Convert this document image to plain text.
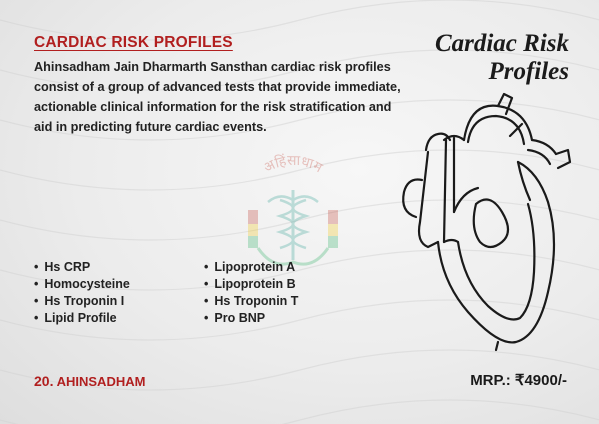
CARDIAC RISK PROFILES
Ahinsadham Jain Dharmarth Sansthan cardiac risk profiles consist of a group of advanced tests that provide immediate, actionable clinical information for the risk stratification and aid in predicting future cardiac events.
Cardiac Risk
Profiles
अहिंसाधाम
• Hs CRP
• Homocysteine
• Hs Troponin I
• Lipid Profile
• Lipoprotein A
• Lipoprotein B
• Hs Troponin T
• Pro BNP
20. AHINSADHAM	MRP.: ₹4900/-
